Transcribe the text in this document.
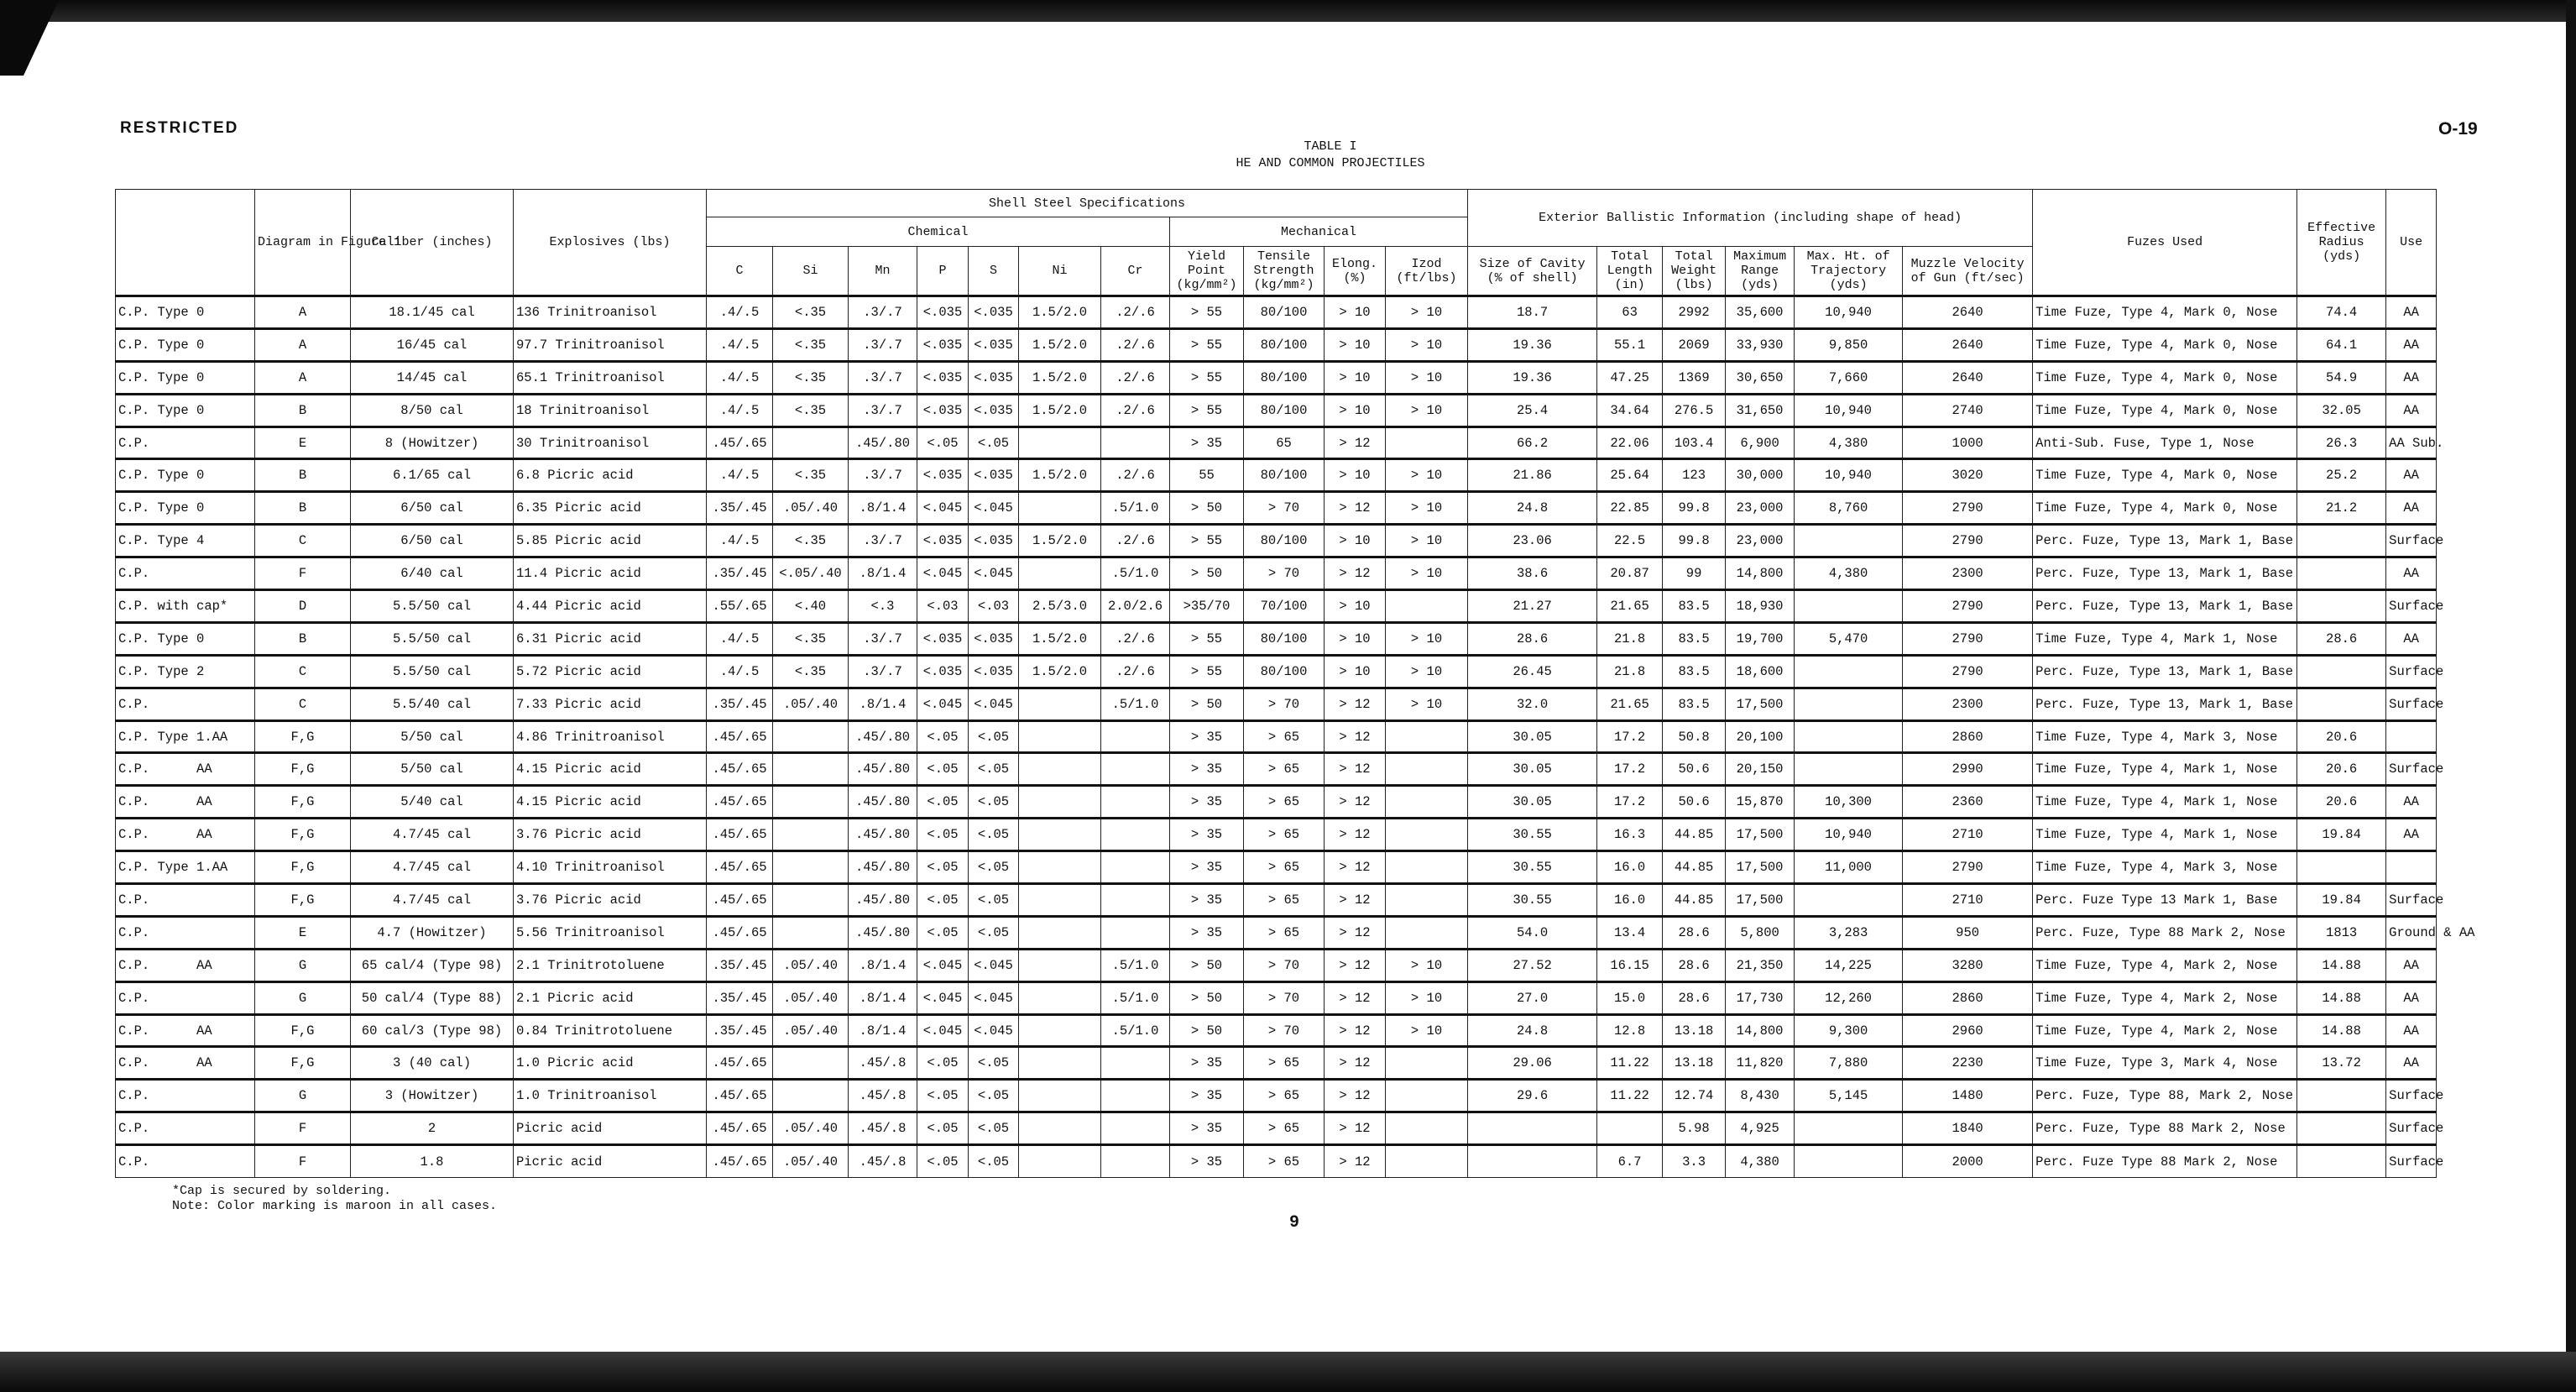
RESTRICTED	O-19
TABLE I
HE AND COMMON PROJECTILES
	Diagram in Figure 1	Caliber (inches)	Explosives (lbs)	Shell Steel Specifications											Exterior Ballistic Information (including shape of head)						Fuzes Used	Effective Radius (yds)	Use
				Chemical							Mechanical												
				C	Si	Mn	P	S	Ni	Cr	Yield Point (kg/mm²)	Tensile Strength (kg/mm²)	Elong. (%)	Izod (ft/lbs)	Size of Cavity (% of shell)	Total Length (in)	Total Weight (lbs)	Maximum Range (yds)	Max. Ht. of Trajectory (yds)	Muzzle Velocity of Gun (ft/sec)			
C.P. Type 0	A	18.1/45 cal	136 Trinitroanisol	.4/.5	<.35	.3/.7	<.035	<.035	1.5/2.0	.2/.6	> 55	80/100	> 10	> 10	18.7	63	2992	35,600	10,940	2640	Time Fuze, Type 4, Mark 0, Nose	74.4	AA
C.P. Type 0	A	16/45 cal	97.7 Trinitroanisol	.4/.5	<.35	.3/.7	<.035	<.035	1.5/2.0	.2/.6	> 55	80/100	> 10	> 10	19.36	55.1	2069	33,930	9,850	2640	Time Fuze, Type 4, Mark 0, Nose	64.1	AA
C.P. Type 0	A	14/45 cal	65.1 Trinitroanisol	.4/.5	<.35	.3/.7	<.035	<.035	1.5/2.0	.2/.6	> 55	80/100	> 10	> 10	19.36	47.25	1369	30,650	7,660	2640	Time Fuze, Type 4, Mark 0, Nose	54.9	AA
C.P. Type 0	B	8/50 cal	18 Trinitroanisol	.4/.5	<.35	.3/.7	<.035	<.035	1.5/2.0	.2/.6	> 55	80/100	> 10	> 10	25.4	34.64	276.5	31,650	10,940	2740	Time Fuze, Type 4, Mark 0, Nose	32.05	AA
C.P.	E	8 (Howitzer)	30 Trinitroanisol	.45/.65		.45/.80	<.05	<.05			> 35	65	> 12		66.2	22.06	103.4	6,900	4,380	1000	Anti-Sub. Fuse, Type 1, Nose	26.3	AA Sub.
C.P. Type 0	B	6.1/65 cal	6.8 Picric acid	.4/.5	<.35	.3/.7	<.035	<.035	1.5/2.0	.2/.6	55	80/100	> 10	> 10	21.86	25.64	123	30,000	10,940	3020	Time Fuze, Type 4, Mark 0, Nose	25.2	AA
C.P. Type 0	B	6/50 cal	6.35 Picric acid	.35/.45	.05/.40	.8/1.4	<.045	<.045		.5/1.0	> 50	> 70	> 12	> 10	24.8	22.85	99.8	23,000	8,760	2790	Time Fuze, Type 4, Mark 0, Nose	21.2	AA
C.P. Type 4	C	6/50 cal	5.85 Picric acid	.4/.5	<.35	.3/.7	<.035	<.035	1.5/2.0	.2/.6	> 55	80/100	> 10	> 10	23.06	22.5	99.8	23,000		2790	Perc. Fuze, Type 13, Mark 1, Base		Surface
C.P.	F	6/40 cal	11.4 Picric acid	.35/.45	<.05/.40	.8/1.4	<.045	<.045		.5/1.0	> 50	> 70	> 12	> 10	38.6	20.87	99	14,800	4,380	2300	Perc. Fuze, Type 13, Mark 1, Base		AA
C.P. with cap*	D	5.5/50 cal	4.44 Picric acid	.55/.65	<.40	<.3	<.03	<.03	2.5/3.0	2.0/2.6	>35/70	70/100	> 10		21.27	21.65	83.5	18,930		2790	Perc. Fuze, Type 13, Mark 1, Base		Surface
C.P. Type 0	B	5.5/50 cal	6.31 Picric acid	.4/.5	<.35	.3/.7	<.035	<.035	1.5/2.0	.2/.6	> 55	80/100	> 10	> 10	28.6	21.8	83.5	19,700	5,470	2790	Time Fuze, Type 4, Mark 1, Nose	28.6	AA
C.P. Type 2	C	5.5/50 cal	5.72 Picric acid	.4/.5	<.35	.3/.7	<.035	<.035	1.5/2.0	.2/.6	> 55	80/100	> 10	> 10	26.45	21.8	83.5	18,600		2790	Perc. Fuze, Type 13, Mark 1, Base		Surface
C.P.	C	5.5/40 cal	7.33 Picric acid	.35/.45	.05/.40	.8/1.4	<.045	<.045		.5/1.0	> 50	> 70	> 12	> 10	32.0	21.65	83.5	17,500		2300	Perc. Fuze, Type 13, Mark 1, Base		Surface
C.P. Type 1.AA	F,G	5/50 cal	4.86 Trinitroanisol	.45/.65		.45/.80	<.05	<.05			> 35	> 65	> 12		30.05	17.2	50.8	20,100		2860	Time Fuze, Type 4, Mark 3, Nose	20.6	
C.P.      AA	F,G	5/50 cal	4.15 Picric acid	.45/.65		.45/.80	<.05	<.05			> 35	> 65	> 12		30.05	17.2	50.6	20,150		2990	Time Fuze, Type 4, Mark 1, Nose	20.6	Surface
C.P.      AA	F,G	5/40 cal	4.15 Picric acid	.45/.65		.45/.80	<.05	<.05			> 35	> 65	> 12		30.05	17.2	50.6	15,870	10,300	2360	Time Fuze, Type 4, Mark 1, Nose	20.6	AA
C.P.      AA	F,G	4.7/45 cal	3.76 Picric acid	.45/.65		.45/.80	<.05	<.05			> 35	> 65	> 12		30.55	16.3	44.85	17,500	10,940	2710	Time Fuze, Type 4, Mark 1, Nose	19.84	AA
C.P. Type 1.AA	F,G	4.7/45 cal	4.10 Trinitroanisol	.45/.65		.45/.80	<.05	<.05			> 35	> 65	> 12		30.55	16.0	44.85	17,500	11,000	2790	Time Fuze, Type 4, Mark 3, Nose		
C.P.	F,G	4.7/45 cal	3.76 Picric acid	.45/.65		.45/.80	<.05	<.05			> 35	> 65	> 12		30.55	16.0	44.85	17,500		2710	Perc. Fuze Type 13 Mark 1, Base	19.84	Surface
C.P.	E	4.7 (Howitzer)	5.56 Trinitroanisol	.45/.65		.45/.80	<.05	<.05			> 35	> 65	> 12		54.0	13.4	28.6	5,800	3,283	950	Perc. Fuze, Type 88 Mark 2, Nose	1813	Ground & AA
C.P.      AA	G	65 cal/4 (Type 98)	2.1 Trinitrotoluene	.35/.45	.05/.40	.8/1.4	<.045	<.045		.5/1.0	> 50	> 70	> 12	> 10	27.52	16.15	28.6	21,350	14,225	3280	Time Fuze, Type 4, Mark 2, Nose	14.88	AA
C.P.	G	50 cal/4 (Type 88)	2.1 Picric acid	.35/.45	.05/.40	.8/1.4	<.045	<.045		.5/1.0	> 50	> 70	> 12	> 10	27.0	15.0	28.6	17,730	12,260	2860	Time Fuze, Type 4, Mark 2, Nose	14.88	AA
C.P.      AA	F,G	60 cal/3 (Type 98)	0.84 Trinitrotoluene	.35/.45	.05/.40	.8/1.4	<.045	<.045		.5/1.0	> 50	> 70	> 12	> 10	24.8	12.8	13.18	14,800	9,300	2960	Time Fuze, Type 4, Mark 2, Nose	14.88	AA
C.P.      AA	F,G	3 (40 cal)	1.0 Picric acid	.45/.65		.45/.8	<.05	<.05			> 35	> 65	> 12		29.06	11.22	13.18	11,820	7,880	2230	Time Fuze, Type 3, Mark 4, Nose	13.72	AA
C.P.	G	3 (Howitzer)	1.0 Trinitroanisol	.45/.65		.45/.8	<.05	<.05			> 35	> 65	> 12		29.6	11.22	12.74	8,430	5,145	1480	Perc. Fuze, Type 88, Mark 2, Nose		Surface
C.P.	F	2	Picric acid	.45/.65	.05/.40	.45/.8	<.05	<.05			> 35	> 65	> 12				5.98	4,925		1840	Perc. Fuze, Type 88 Mark 2, Nose		Surface
C.P.	F	1.8	Picric acid	.45/.65	.05/.40	.45/.8	<.05	<.05			> 35	> 65	> 12			6.7	3.3	4,380		2000	Perc. Fuze Type 88 Mark 2, Nose		Surface
*Cap is secured by soldering.
Note: Color marking is maroon in all cases.
9
